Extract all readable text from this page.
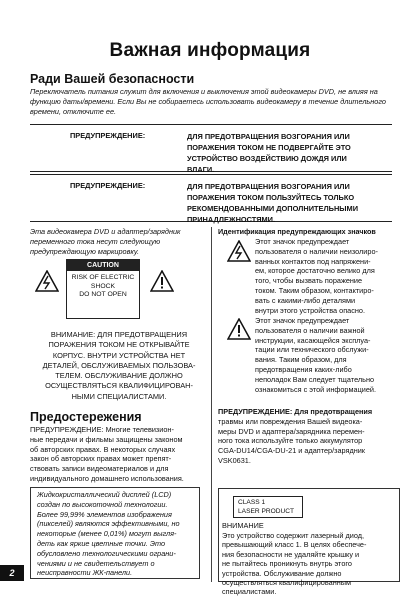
Важная информация
Ради Вашей безопасности
Переключатель питания служит для включения и выключения этой видеокамеры DVD, не влияя на функцию даты/времени. Если Вы не собираетесь использовать видеокамеру в течение длительного времени, отключите ее.
ПРЕДУПРЕЖДЕНИЕ:	ДЛЯ ПРЕДОТВРАЩЕНИЯ ВОЗГОРАНИЯ ИЛИ
ПОРАЖЕНИЯ ТОКОМ НЕ ПОДВЕРГАЙТЕ ЭТО
УСТРОЙСТВО ВОЗДЕЙСТВИЮ ДОЖДЯ ИЛИ
ВЛАГИ.
ПРЕДУПРЕЖДЕНИЕ:	ДЛЯ ПРЕДОТВРАЩЕНИЯ ВОЗГОРАНИЯ ИЛИ
ПОРАЖЕНИЯ ТОКОМ ПОЛЬЗУЙТЕСЬ ТОЛЬКО
РЕКОМЕНДОВАННЫМИ ДОПОЛНИТЕЛЬНЫМИ
ПРИНАДЛЕЖНОСТЯМИ.
Эта видеокамера DVD и адаптер/зарядник
переменного тока несут следующую
предупреждающую маркировку.
CAUTION
RISK OF ELECTRIC
SHOCK
DO NOT OPEN
ВНИМАНИЕ: ДЛЯ ПРЕДОТВРАЩЕНИЯ
ПОРАЖЕНИЯ ТОКОМ НЕ ОТКРЫВАЙТЕ
КОРПУС. ВНУТРИ УСТРОЙСТВА НЕТ
ДЕТАЛЕЙ, ОБСЛУЖИВАЕМЫХ ПОЛЬЗОВА-
ТЕЛЕМ. ОБСЛУЖИВАНИЕ ДОЛЖНО
ОСУЩЕСТВЛЯТЬСЯ КВАЛИФИЦИРОВАН-
НЫМИ СПЕЦИАЛИСТАМИ.
Предостережения
ПРЕДУПРЕЖДЕНИЕ: Многие телевизион-
ные передачи и фильмы защищены законом
об авторских правах. В некоторых случаях
закон об авторских правах может препят-
ствовать записи видеоматериалов и для
индивидуального домашнего использования.
Жидкокристаллический дисплей (LCD)
создан по высокоточной технологии.
Более 99,99% элементов изображения
(пикселей) являются эффективными, но
некоторые (менее 0,01%) могут выгля-
деть как яркие цветные точки. Это
обусловлено технологическими ограни-
чениями и не свидетельствует о
неисправности ЖК-панели.
Идентификация предупреждающих значков
Этот значок предупреждает
пользователя о наличии неизолиро-
ванных контактов под напряжени-
ем, которое достаточно велико для
того, чтобы вызвать поражение
током. Таким образом, контактиро-
вать с какими-либо деталями
внутри этого устройства опасно.
Этот значок предупреждает
пользователя о наличии важной
инструкции, касающейся эксплуа-
тации или технического обслужи-
вания. Таким образом, для
предотвращения каких-либо
неполадок Вам следует тщательно
ознакомиться с этой информацией.
ПРЕДУПРЕЖДЕНИЕ: Для предотвращения
травмы или повреждения Вашей видеока-
меры DVD и адаптера/зарядника перемен-
ного тока используйте только аккумулятор
CGA-DU14/CGA-DU-21 и адаптер/зарядник
VSK0631.
CLASS 1
LASER PRODUCT
ВНИМАНИЕ
Это устройство содержит лазерный диод,
превышающий класс 1. В целях обеспече-
ния безопасности не удаляйте крышку и
не пытайтесь проникнуть внутрь этого
устройства. Обслуживание должно
осуществляться квалифицированным
специалистами.
2
